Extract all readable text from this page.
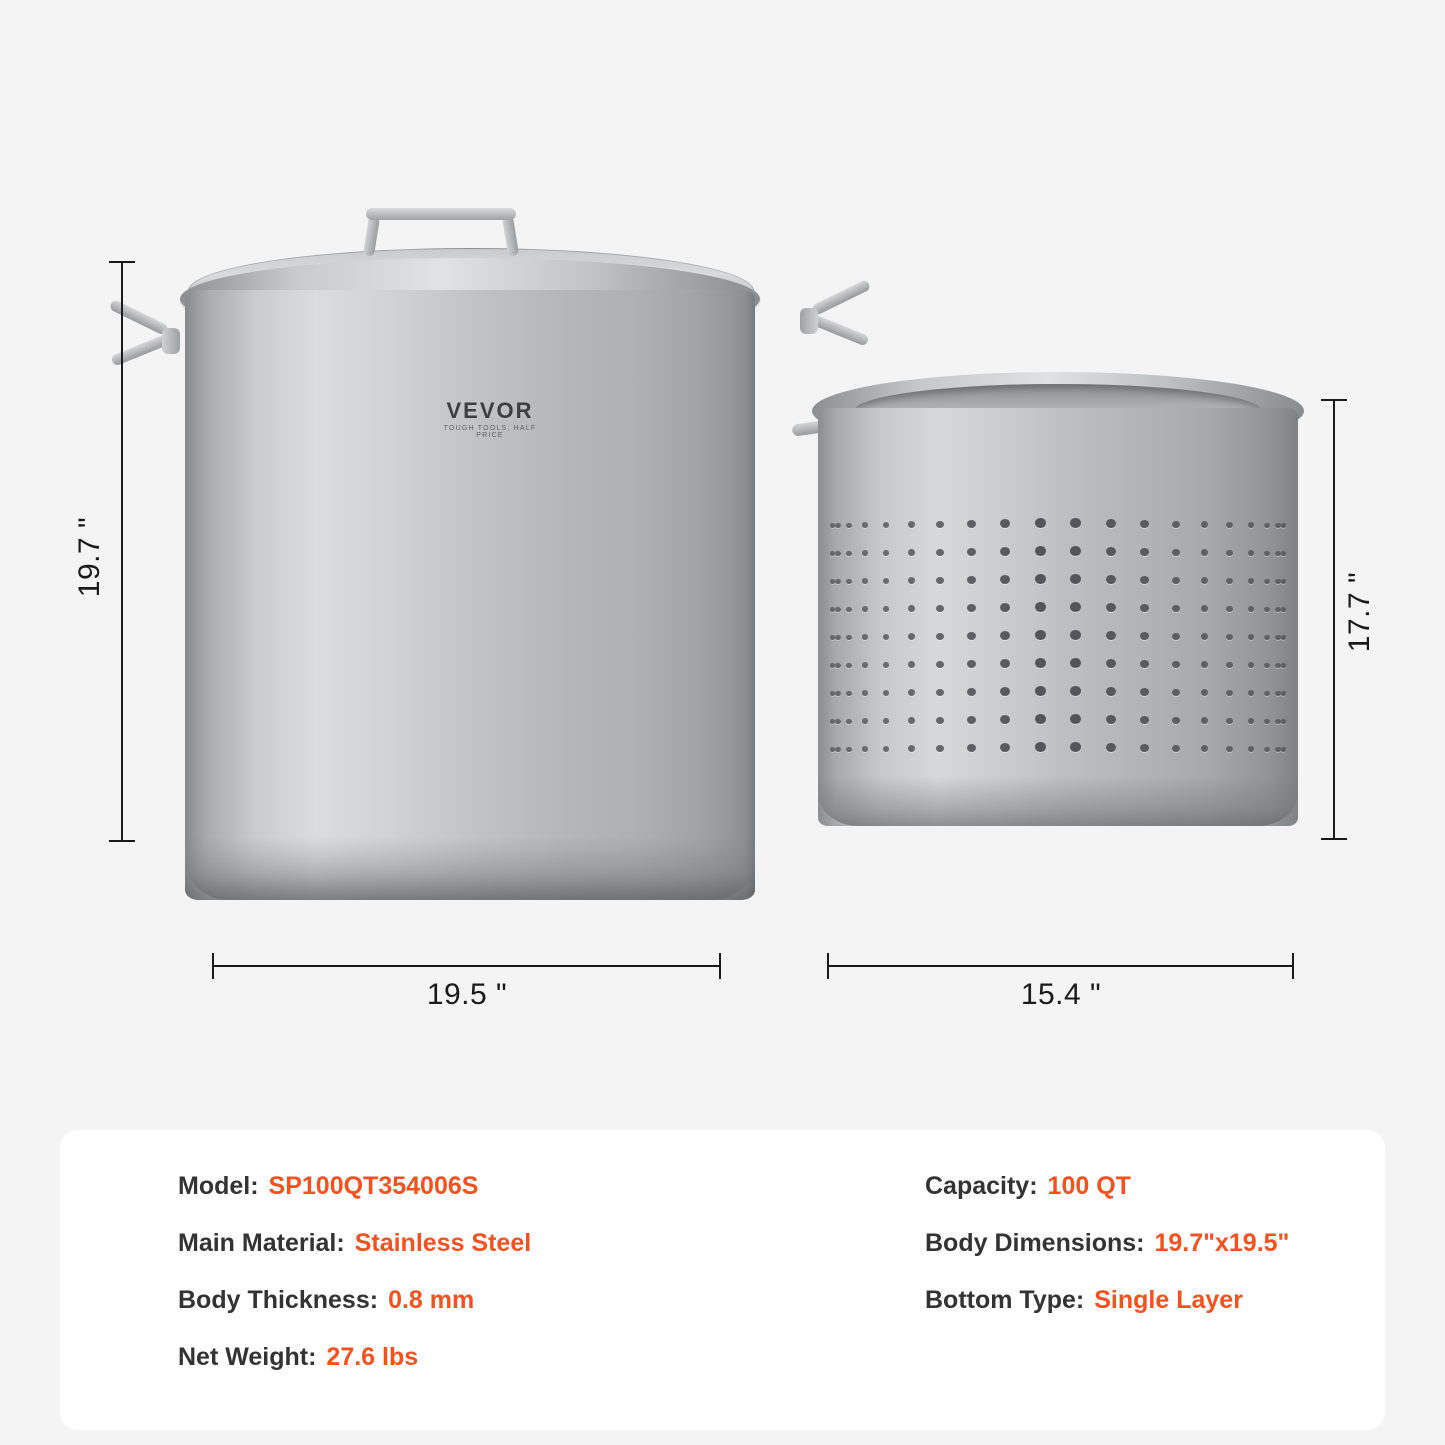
VEVOR
TOUGH TOOLS, HALF PRICE
19.7 "
19.5 "
17.7 "
15.4 "
Model: SP100QT354006S
Main Material: Stainless Steel
Body Thickness: 0.8 mm
Net Weight: 27.6 lbs
Capacity: 100 QT
Body Dimensions: 19.7"x19.5"
Bottom Type: Single Layer
